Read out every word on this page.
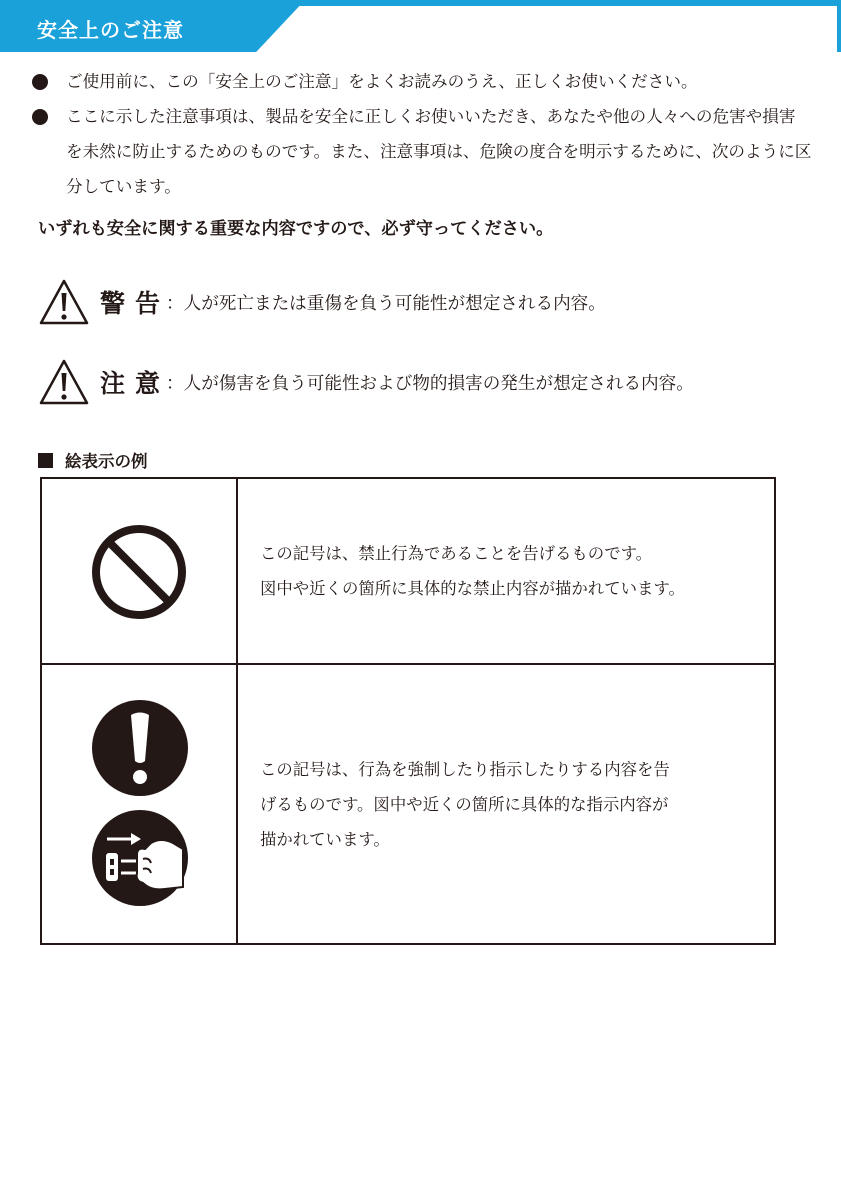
安全上のご注意
ご使用前に、この「安全上のご注意」をよくお読みのうえ、正しくお使いください。
ここに示した注意事項は、製品を安全に正しくお使いいただき、あなたや他の人々への危害や損害を未然に防止するためのものです。また、注意事項は、危険の度合を明示するために、次のように区分しています。
いずれも安全に関する重要な内容ですので、必ず守ってください。
警告
：人が死亡または重傷を負う可能性が想定される内容。
注意
：人が傷害を負う可能性および物的損害の発生が想定される内容。
絵表示の例

この記号は、禁止行為であることを告げるものです。

図中や近くの箇所に具体的な禁止内容が描かれています。

この記号は、行為を強制したり指示したりする内容を告

げるものです。図中や近くの箇所に具体的な指示内容が

描かれています。
